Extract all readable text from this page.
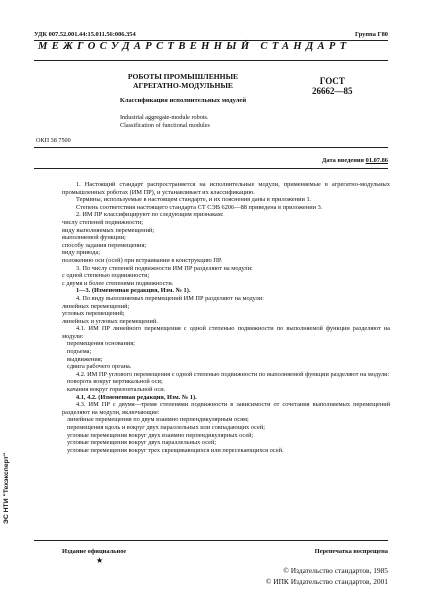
УДК 007.52.001.44:15.011.56:006.354	Группа Г80
МЕЖГОСУДАРСТВЕННЫЙ СТАНДАРТ
РОБОТЫ ПРОМЫШЛЕННЫЕ
АГРЕГАТНО-МОДУЛЬНЫЕ
Классификация исполнительных модулей
Industrial aggregate-module robots.
Classification of functional modules
ГОСТ
26662—85
ОКП 38 7500
Дата введения 01.07.86

1. Настоящий стандарт распространяется на исполнительные модули, применяемые в агрегатно-модульных промышленных роботах (ИМ ПР), и устанавливает их классификацию.

Термины, используемые в настоящем стандарте, и их пояснения даны в приложении 1.

Степень соответствия настоящего стандарта СТ СЭВ 6206—88 приведена в приложении 3.

2. ИМ ПР классифицируют по следующим признакам:

числу степеней подвижности;

виду выполняемых перемещений;

выполняемой функции;

способу задания перемещения;

виду привода;

положению оси (осей) при встраивании в конструкцию ПР.

3. По числу степеней подвижности ИМ ПР разделяют на модули:

с одной степенью подвижности;

с двумя и более степенями подвижности.

1—3. (Измененная редакция, Изм. № 1).

4. По виду выполняемых перемещений ИМ ПР разделяют на модули:

линейных перемещений;

угловых перемещений;

линейных и угловых перемещений.

4.1. ИМ ПР линейного перемещения с одной степенью подвижности по выполняемой функции разделяют на модули:

перемещения основания;

подъема;

выдвижения;

сдвига рабочего органа.

4.2. ИМ ПР углового перемещения с одной степенью подвижности по выполняемой функции разделяют на модули:

поворота вокруг вертикальной оси;

качания вокруг горизонтальной оси.

4.1, 4.2. (Измененная редакция, Изм. № 1).

4.3. ИМ ПР с двумя—тремя степенями подвижности в зависимости от сочетания выполняемых перемещений разделяют на модули, включающие:

линейные перемещения по двум взаимно перпендикулярным осям;

перемещения вдоль и вокруг двух параллельных или совпадающих осей;

угловые перемещения вокруг двух взаимно перпендикулярных осей;

угловые перемещения вокруг двух параллельных осей;

угловые перемещения вокруг трех скрещивающихся или пересекающихся осей.

Издание официальное
★
Перепечатка воспрещена
© Издательство стандартов, 1985
© ИПК Издательство стандартов, 2001
ЭС НТИ "Техэксперт"
